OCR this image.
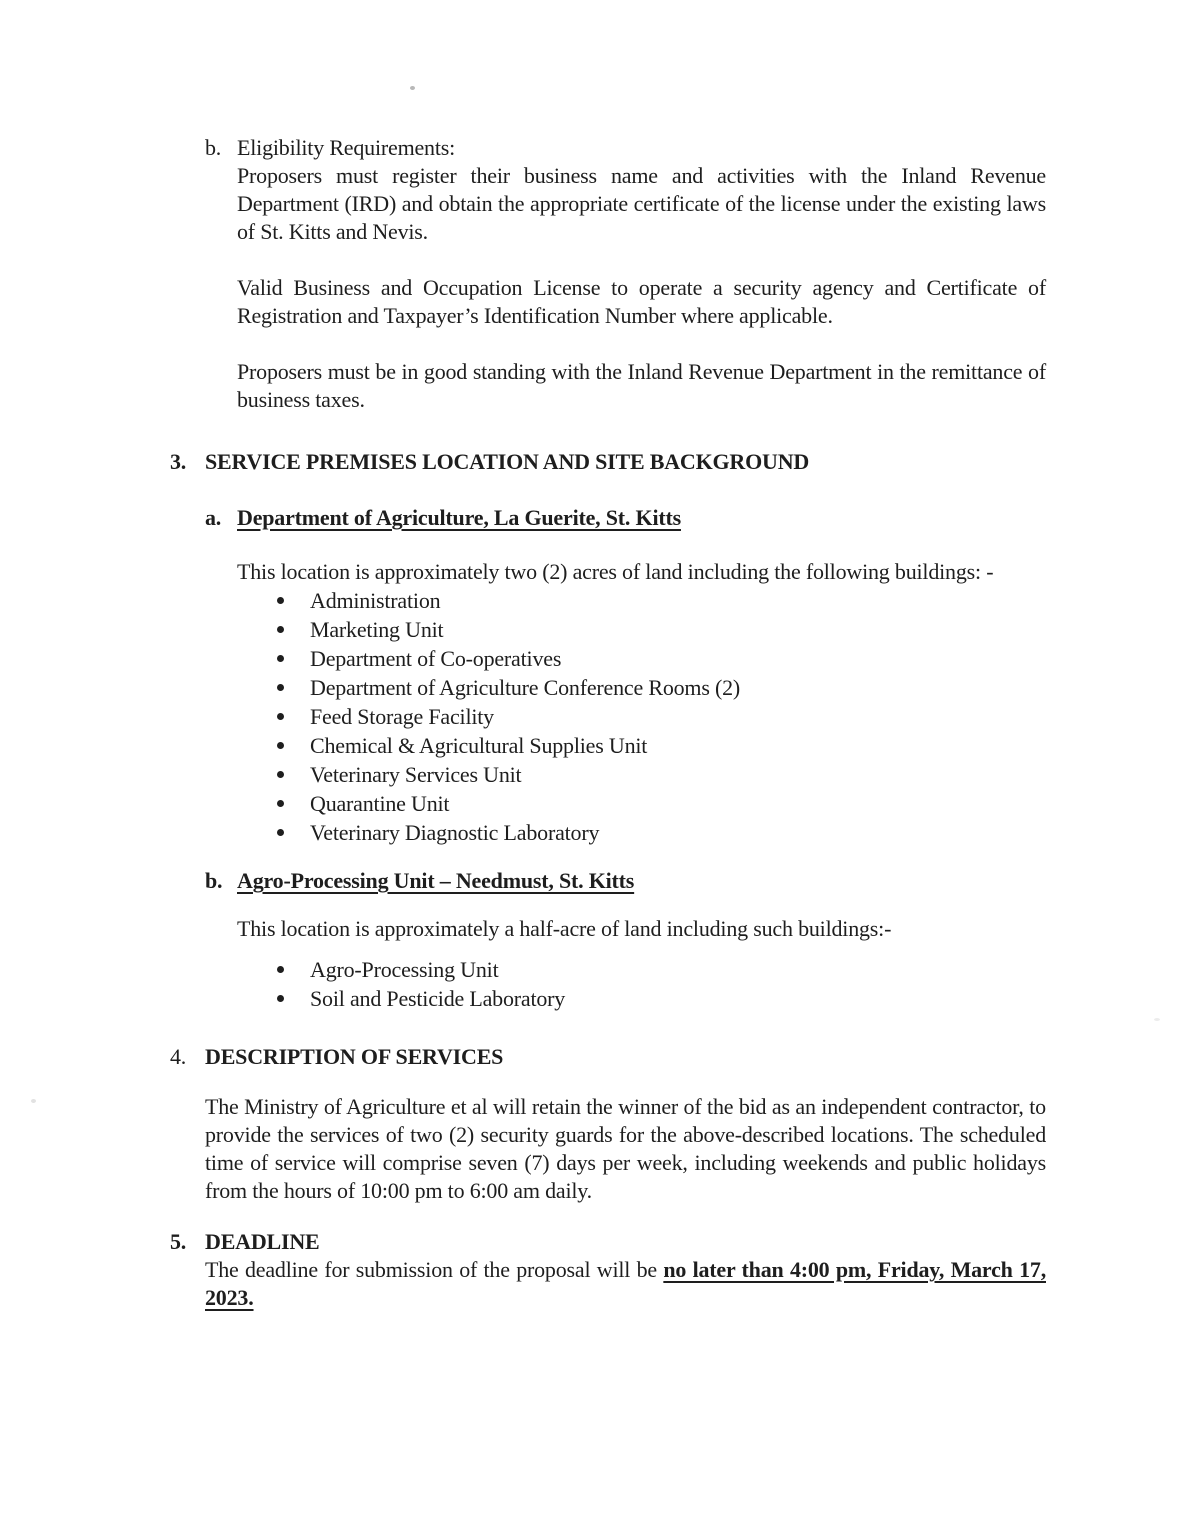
b. Eligibility Requirements:

Proposers must register their business name and activities with the Inland Revenue Department (IRD) and obtain the appropriate certificate of the license under the existing laws of St. Kitts and Nevis.

Valid Business and Occupation License to operate a security agency and Certificate of Registration and Taxpayer’s Identification Number where applicable.

Proposers must be in good standing with the Inland Revenue Department in the remittance of business taxes.

3. SERVICE PREMISES LOCATION AND SITE BACKGROUND
a. Department of Agriculture, La Guerite, St. Kitts

This location is approximately two (2) acres of land including the following buildings: -

Administration
Marketing Unit
Department of Co-operatives
Department of Agriculture Conference Rooms (2)
Feed Storage Facility
Chemical & Agricultural Supplies Unit
Veterinary Services Unit
Quarantine Unit
Veterinary Diagnostic Laboratory
b. Agro-Processing Unit – Needmust, St. Kitts

This location is approximately a half-acre of land including such buildings:-

Agro-Processing Unit
Soil and Pesticide Laboratory
4. DESCRIPTION OF SERVICES

The Ministry of Agriculture et al will retain the winner of the bid as an independent contractor, to provide the services of two (2) security guards for the above-described locations. The scheduled time of service will comprise seven (7) days per week, including weekends and public holidays from the hours of 10:00 pm to 6:00 am daily.

5. DEADLINE

The deadline for submission of the proposal will be no later than 4:00 pm, Friday, March 17, 2023.
